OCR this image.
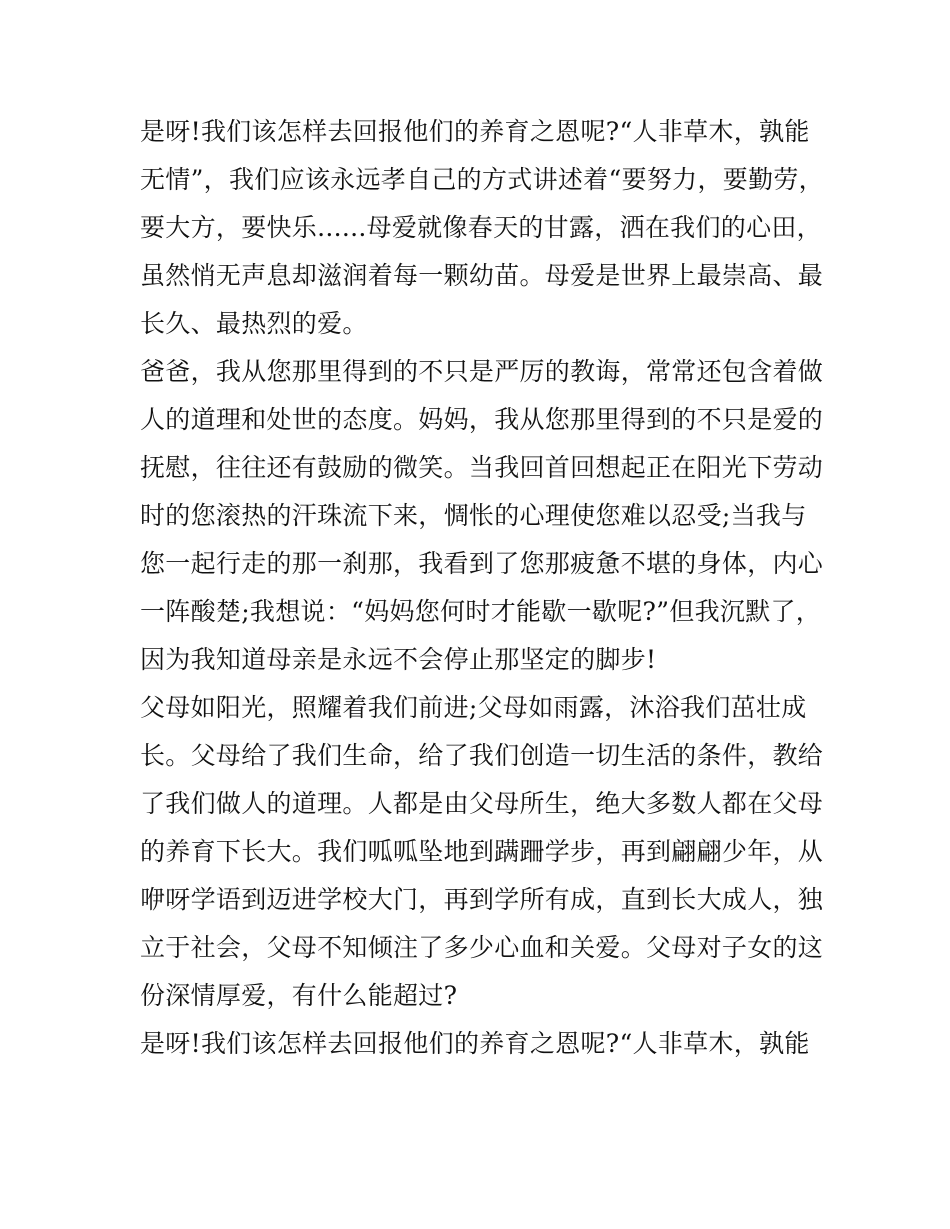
是呀!我们该怎样去回报他们的养育之恩呢?“人非草木，孰能
无情”，我们应该永远孝自己的方式讲述着“要努力，要勤劳，
要大方，要快乐......母爱就像春天的甘露，洒在我们的心田，
虽然悄无声息却滋润着每一颗幼苗。母爱是世界上最崇高、最
长久、最热烈的爱。
爸爸，我从您那里得到的不只是严厉的教诲，常常还包含着做
人的道理和处世的态度。妈妈，我从您那里得到的不只是爱的
抚慰，往往还有鼓励的微笑。当我回首回想起正在阳光下劳动
时的您滚热的汗珠流下来，惆怅的心理使您难以忍受;当我与
您一起行走的那一刹那，我看到了您那疲惫不堪的身体，内心
一阵酸楚;我想说：“妈妈您何时才能歇一歇呢?”但我沉默了，
因为我知道母亲是永远不会停止那坚定的脚步!
父母如阳光，照耀着我们前进;父母如雨露，沐浴我们茁壮成
长。父母给了我们生命，给了我们创造一切生活的条件，教给
了我们做人的道理。人都是由父母所生，绝大多数人都在父母
的养育下长大。我们呱呱坠地到蹒跚学步，再到翩翩少年，从
咿呀学语到迈进学校大门，再到学所有成，直到长大成人，独
立于社会，父母不知倾注了多少心血和关爱。父母对子女的这
份深情厚爱，有什么能超过?
是呀!我们该怎样去回报他们的养育之恩呢?“人非草木，孰能
